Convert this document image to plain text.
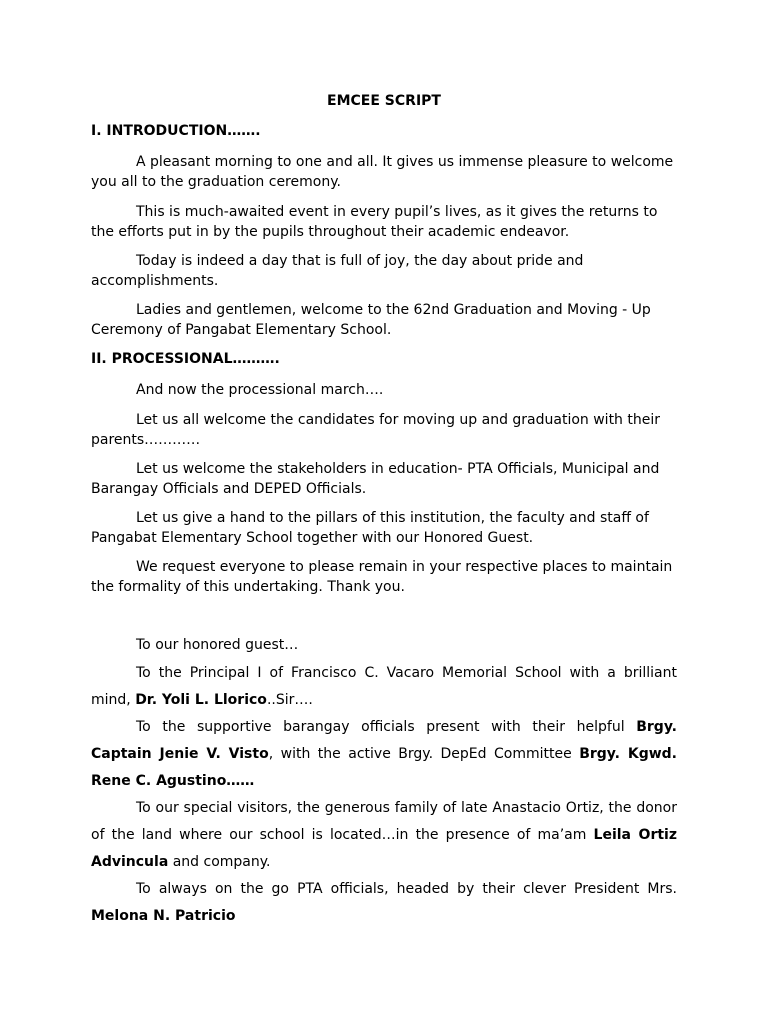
EMCEE SCRIPT
I. INTRODUCTION…….
A pleasant morning to one and all. It gives us immense pleasure to welcome you all to the graduation ceremony.
This is much-awaited event in every pupil’s lives, as it gives the returns to the efforts put in by the pupils throughout their academic endeavor.
Today is indeed a day that is full of joy, the day about pride and accomplishments.
Ladies and gentlemen, welcome to the 62nd Graduation and Moving - Up Ceremony of Pangabat Elementary School.
II. PROCESSIONAL……….
And now the processional march….
Let us all welcome the candidates for moving up and graduation with their parents…………
Let us welcome the stakeholders in education- PTA Officials, Municipal and Barangay Officials and DEPED Officials.
Let us give a hand to the pillars of this institution, the faculty and staff of Pangabat Elementary School together with our Honored Guest.
We request everyone to please remain in your respective places to maintain the formality of this undertaking. Thank you.
To our honored guest…
To the Principal I of Francisco C. Vacaro Memorial School with a brilliant mind, Dr. Yoli L. Llorico..Sir….
To the supportive barangay officials present with their helpful Brgy. Captain Jenie V. Visto, with the active Brgy. DepEd Committee Brgy. Kgwd. Rene C. Agustino……
To our special visitors, the generous family of late Anastacio Ortiz, the donor of the land where our school is located…in the presence of ma’am Leila Ortiz Advincula and company.
To always on the go PTA officials, headed by their clever President Mrs. Melona N. Patricio
